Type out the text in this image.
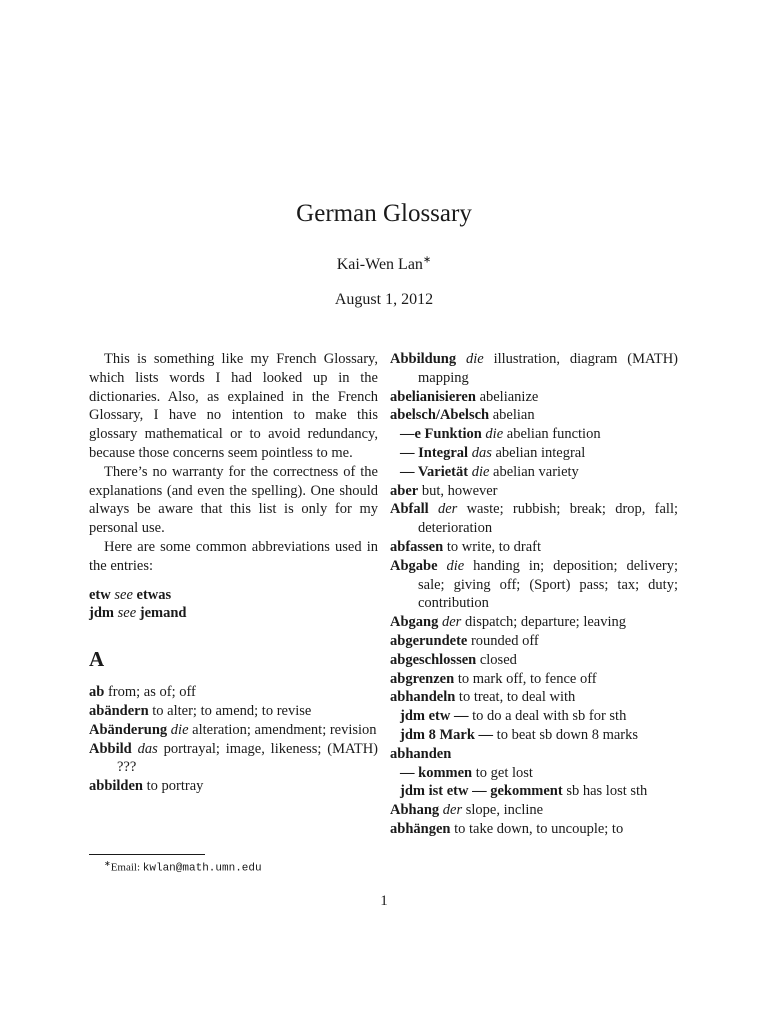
German Glossary
Kai-Wen Lan∗
August 1, 2012

This is something like my French Glossary, which lists words I had looked up in the dictionaries. Also, as explained in the French Glossary, I have no intention to make this glossary mathematical or to avoid redundancy, because those concerns seem pointless to me.

There’s no warranty for the correctness of the explanations (and even the spelling). One should always be aware that this list is only for my personal use.

Here are some common abbreviations used in the entries:

etw see etwas
jdm see jemand
A
ab from; as of; off
abändern to alter; to amend; to revise
Abänderung die alteration; amendment; revision
Abbild das portrayal; image, likeness; (MATH) ???
abbilden to portray
Abbildung die illustration, diagram (MATH) mapping
abelianisieren abelianize
abelsch/Abelsch abelian
—e Funktion die abelian function
— Integral das abelian integral
— Varietät die abelian variety
aber but, however
Abfall der waste; rubbish; break; drop, fall; deterioration
abfassen to write, to draft
Abgabe die handing in; deposition; delivery; sale; giving off; (Sport) pass; tax; duty; contribution
Abgang der dispatch; departure; leaving
abgerundete rounded off
abgeschlossen closed
abgrenzen to mark off, to fence off
abhandeln to treat, to deal with
jdm etw — to do a deal with sb for sth
jdm 8 Mark — to beat sb down 8 marks
abhanden
— kommen to get lost
jdm ist etw — gekomment sb has lost sth
Abhang der slope, incline
abhängen to take down, to uncouple; to
∗Email: kwlan@math.umn.edu
1
